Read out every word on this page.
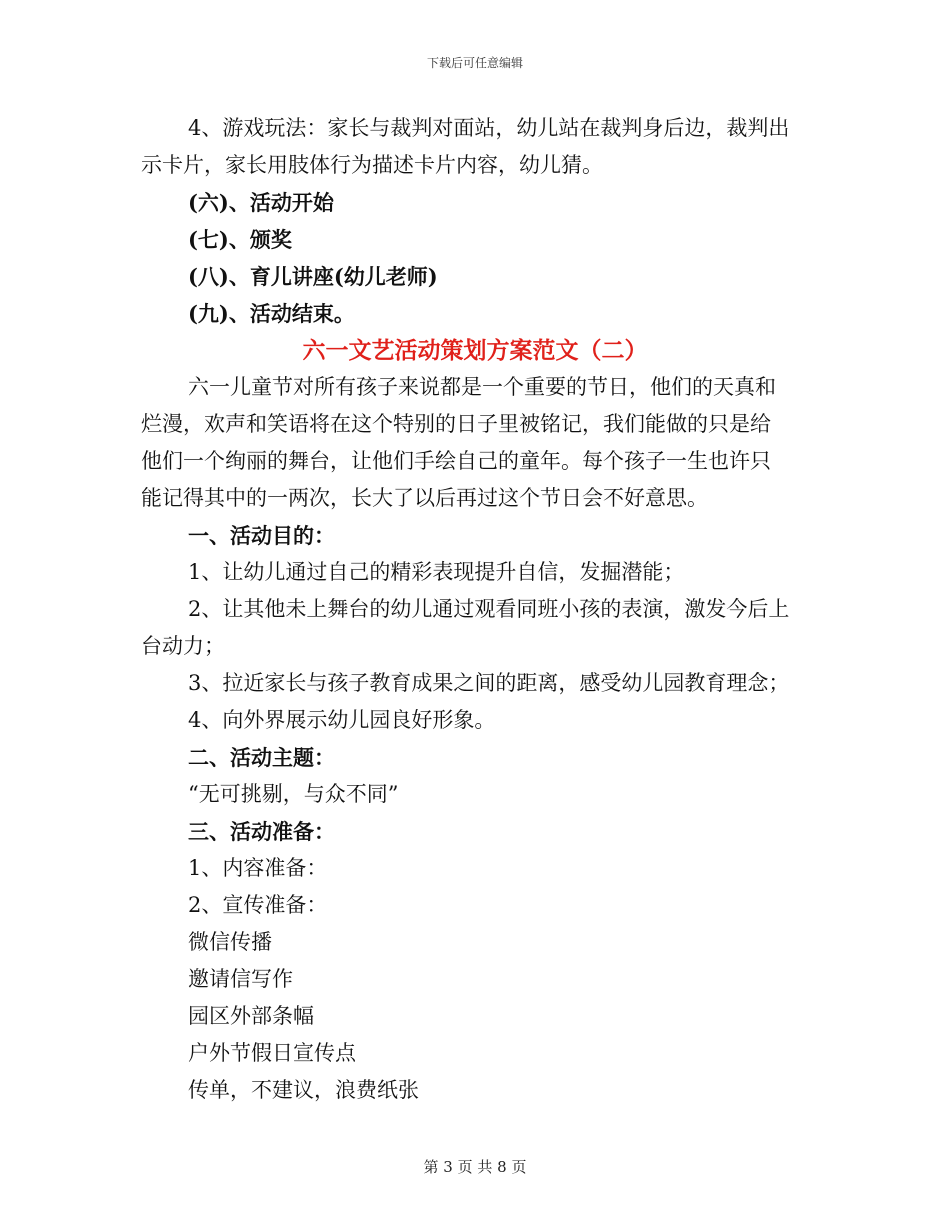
下载后可任意编辑
4、游戏玩法：家长与裁判对面站，幼儿站在裁判身后边，裁判出
示卡片，家长用肢体行为描述卡片内容，幼儿猜。
(六)、活动开始
(七)、颁奖
(八)、育儿讲座(幼儿老师)
(九)、活动结束。
六一文艺活动策划方案范文（二）
六一儿童节对所有孩子来说都是一个重要的节日，他们的天真和
烂漫，欢声和笑语将在这个特别的日子里被铭记，我们能做的只是给
他们一个绚丽的舞台，让他们手绘自己的童年。每个孩子一生也许只
能记得其中的一两次，长大了以后再过这个节日会不好意思。
一、活动目的：
1、让幼儿通过自己的精彩表现提升自信，发掘潜能；
2、让其他未上舞台的幼儿通过观看同班小孩的表演，激发今后上
台动力；
3、拉近家长与孩子教育成果之间的距离，感受幼儿园教育理念；
4、向外界展示幼儿园良好形象。
二、活动主题：
“无可挑剔，与众不同”
三、活动准备：
1、内容准备：
2、宣传准备：
微信传播
邀请信写作
园区外部条幅
户外节假日宣传点
传单，不建议，浪费纸张
第 3 页 共 8 页
